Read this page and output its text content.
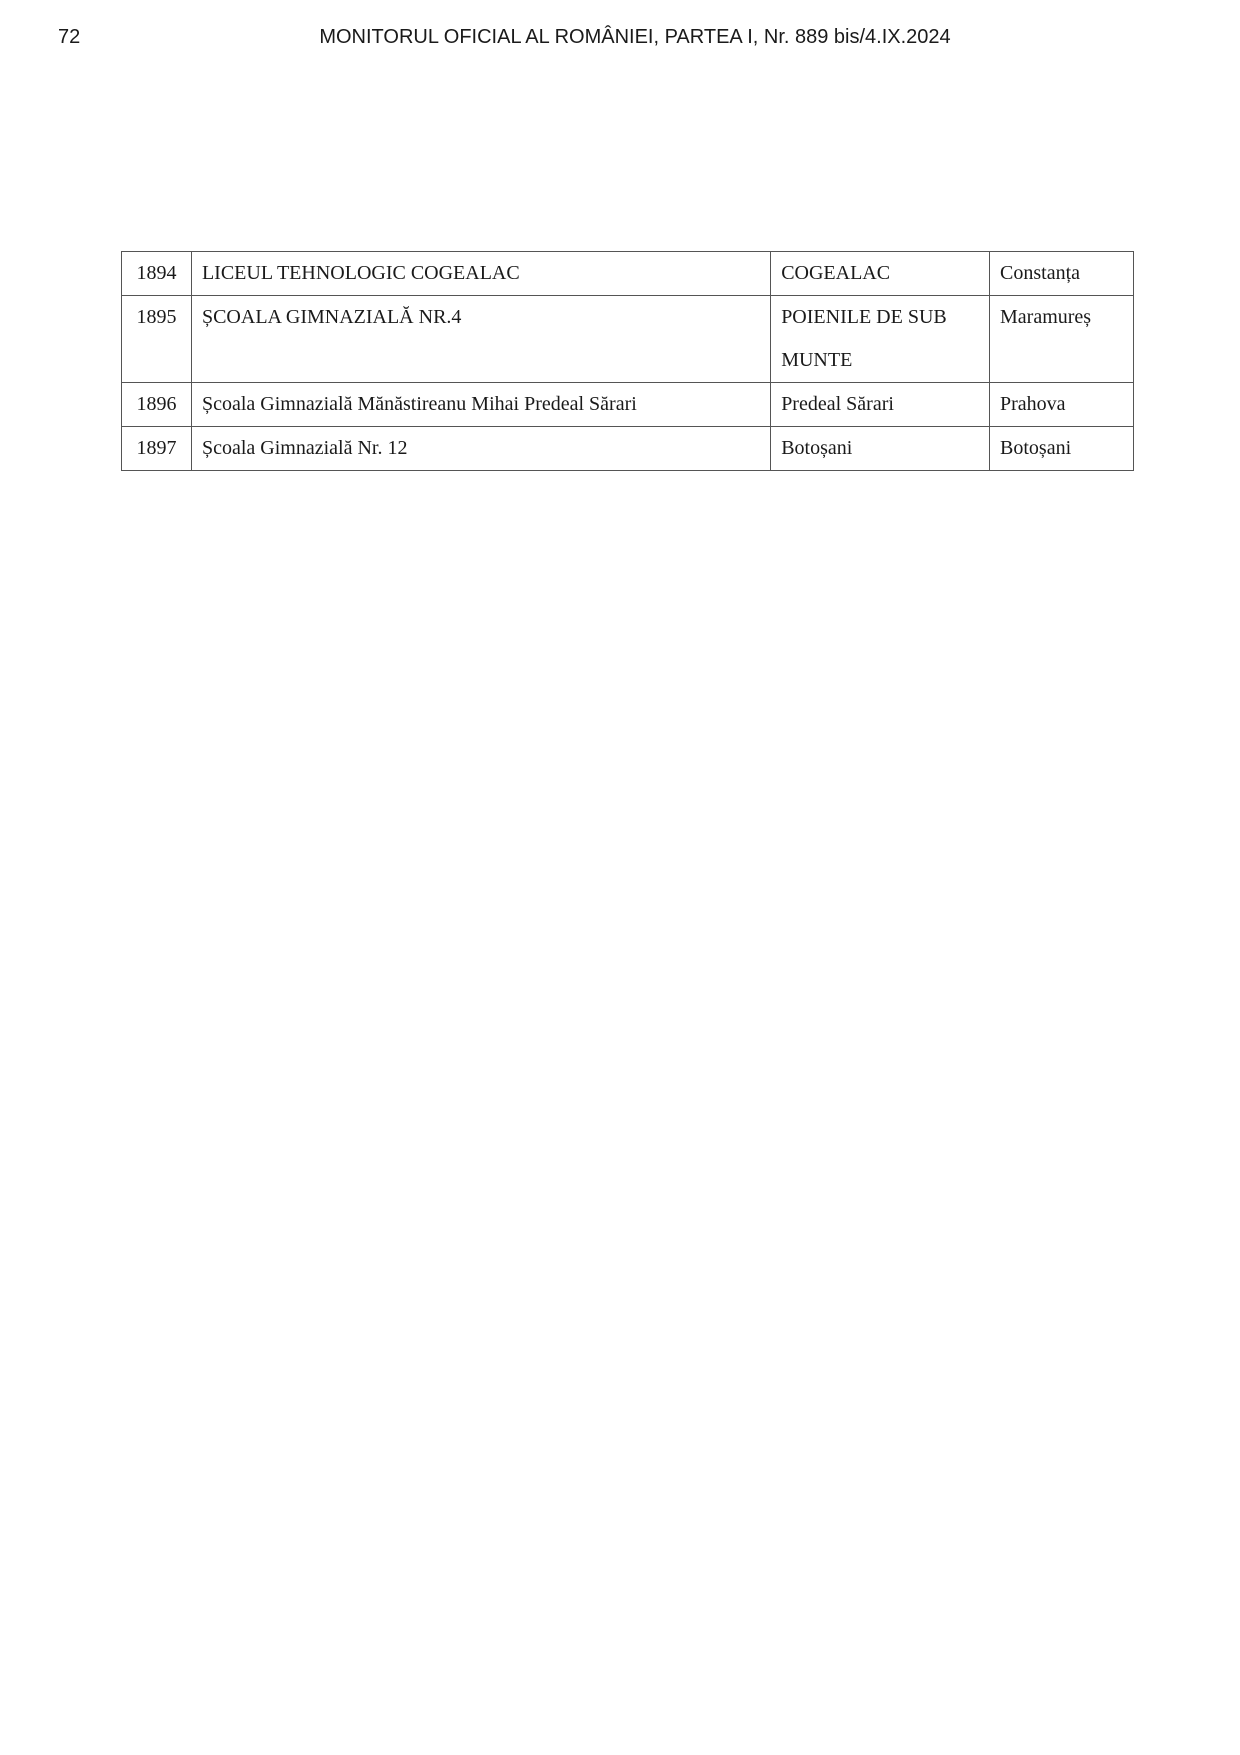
72	MONITORUL OFICIAL AL ROMÂNIEI, PARTEA I, Nr. 889 bis/4.IX.2024
1894	LICEUL TEHNOLOGIC COGEALAC	COGEALAC	Constanța
1895	ȘCOALA GIMNAZIALĂ NR.4	POIENILE DE SUB MUNTE	Maramureș
1896	Școala Gimnazială Mănăstireanu Mihai Predeal Sărari	Predeal Sărari	Prahova
1897	Școala Gimnazială Nr. 12	Botoșani	Botoșani
